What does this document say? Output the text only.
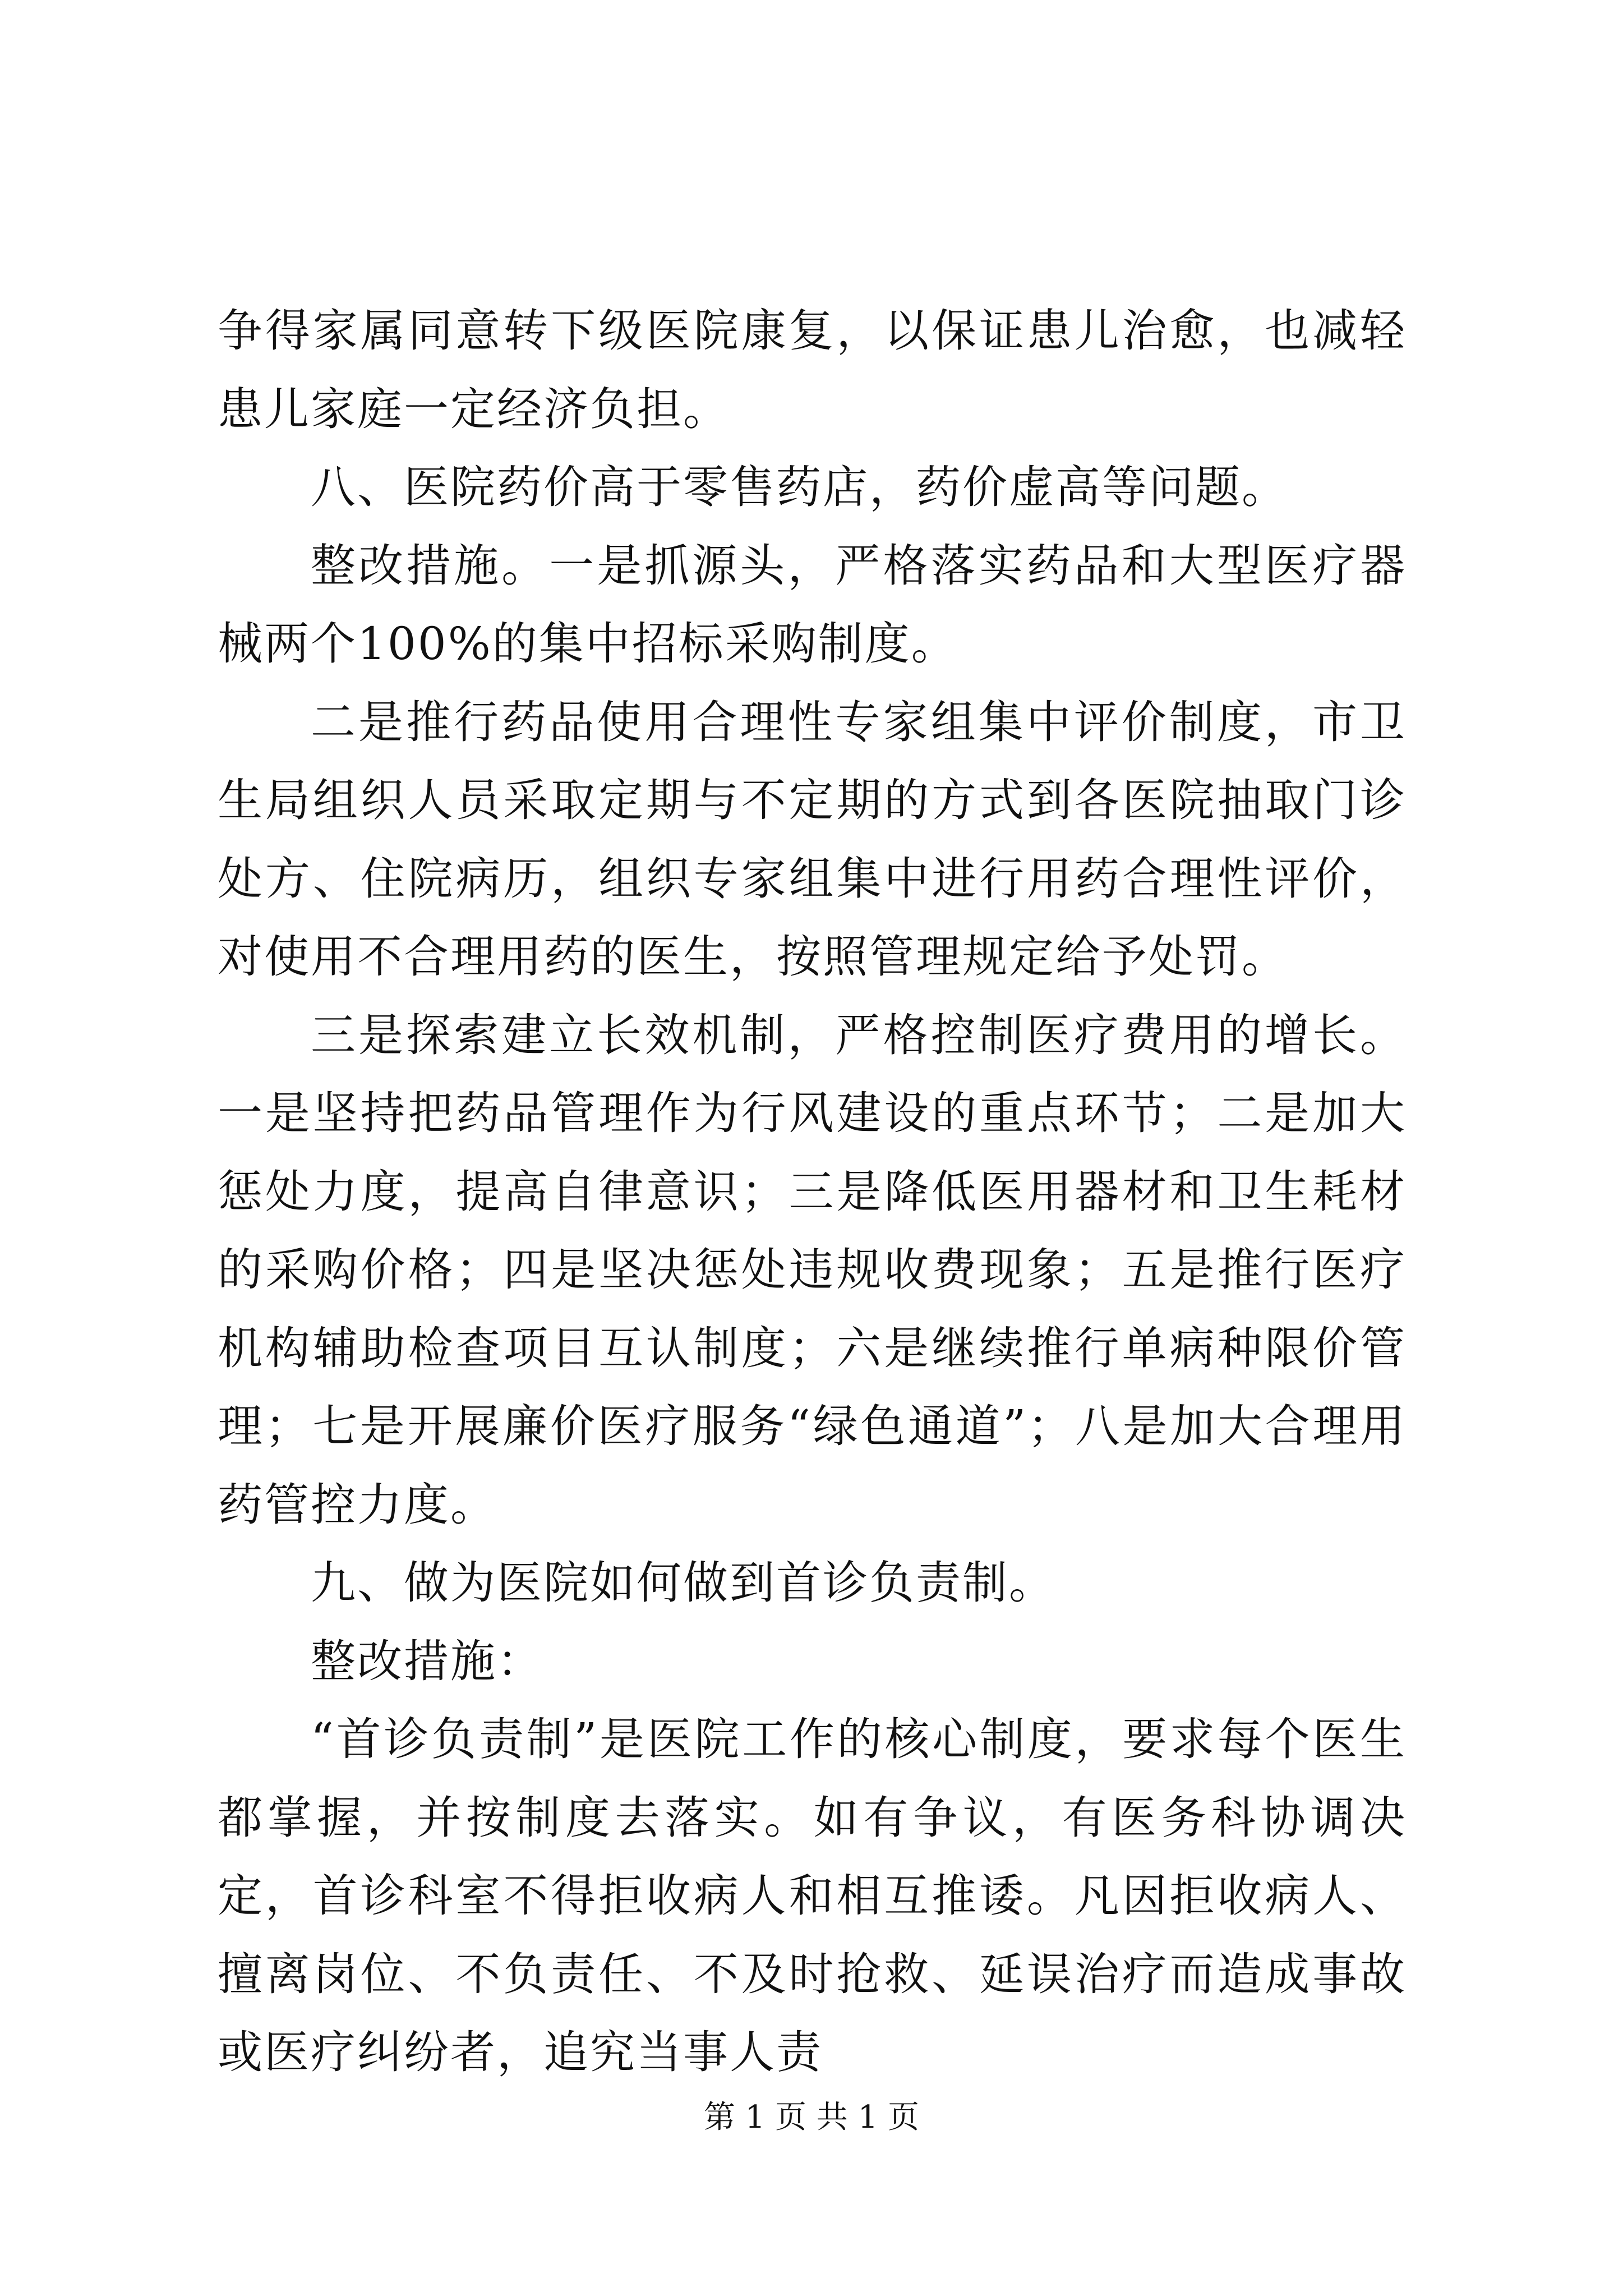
争得家属同意转下级医院康复，以保证患儿治愈，也减轻患儿家庭一定经济负担。

八、医院药价高于零售药店，药价虚高等问题。

整改措施。一是抓源头，严格落实药品和大型医疗器械两个100%的集中招标采购制度。

二是推行药品使用合理性专家组集中评价制度，市卫生局组织人员采取定期与不定期的方式到各医院抽取门诊处方、住院病历，组织专家组集中进行用药合理性评价，对使用不合理用药的医生，按照管理规定给予处罚。

三是探索建立长效机制，严格控制医疗费用的增长。一是坚持把药品管理作为行风建设的重点环节；二是加大惩处力度，提高自律意识；三是降低医用器材和卫生耗材的采购价格；四是坚决惩处违规收费现象；五是推行医疗机构辅助检查项目互认制度；六是继续推行单病种限价管理；七是开展廉价医疗服务“绿色通道”；八是加大合理用药管控力度。

九、做为医院如何做到首诊负责制。

整改措施：

“首诊负责制”是医院工作的核心制度，要求每个医生都掌握，并按制度去落实。如有争议，有医务科协调决定，首诊科室不得拒收病人和相互推诿。凡因拒收病人、擅离岗位、不负责任、不及时抢救、延误治疗而造成事故或医疗纠纷者，追究当事人责

第 1 页 共 1 页
